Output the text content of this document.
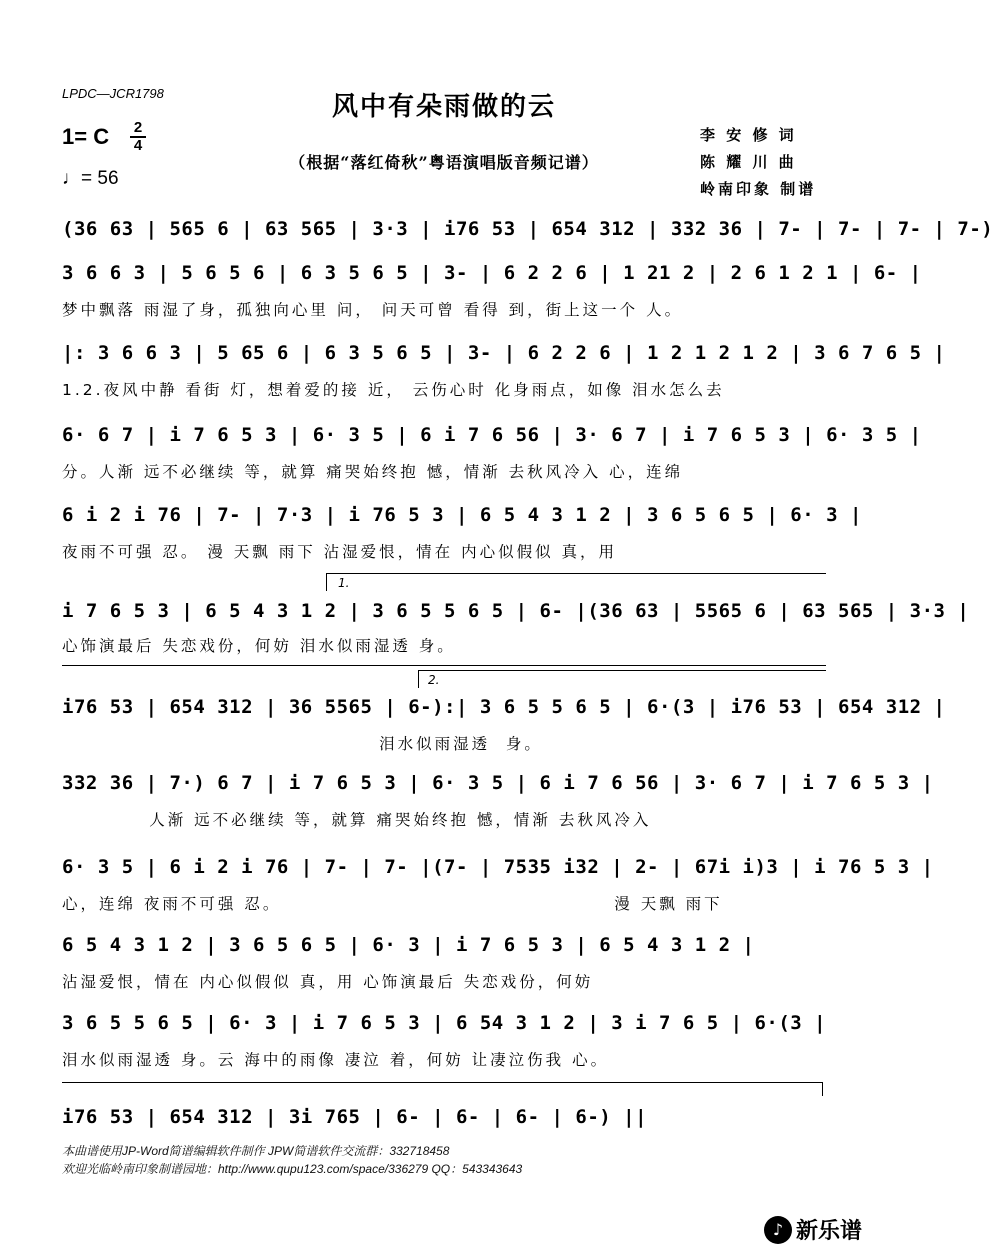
LPDC—JCR1798	风中有朵雨做的云
（根据“落红倚秋”粤语演唱版音频记谱）
1= C 2
4
♩= 56
李 安 修 词
陈 耀 川 曲
岭南印象 制谱
(36 63 | 565 6 | 63 565 | 3·3 | i76 53 | 654 312 | 332 36 | 7- | 7- | 7- | 7-)
3 6 6 3 | 5 6 5 6 | 6 3 5 6 5 | 3- | 6 2 2 6 | 1 21 2 | 2 6 1 2 1 | 6- |
梦中飘落 雨湿了身，孤独向心里 问， 问天可曾 看得 到，街上这一个 人。
|: 3 6 6 3 | 5 65 6 | 6 3 5 6 5 | 3- | 6 2 2 6 | 1 2 1 2 1 2 | 3 6 7 6 5 |
1.2.夜风中静 看街 灯，想着爱的接 近， 云伤心时 化身雨点，如像 泪水怎么去
6· 6 7 | i 7 6 5 3 | 6· 3 5 | 6 i 7 6 56 | 3· 6 7 | i 7 6 5 3 | 6· 3 5 |
分。人渐 远不必继续 等，就算 痛哭始终抱 憾，情渐 去秋风冷入 心，连绵
6 i 2 i 76 | 7- | 7·3 | i 76 5 3 | 6 5 4 3 1 2 | 3 6 5 6 5 | 6· 3 |
夜雨不可强 忍。 漫 天飘 雨下 沾湿爱恨，情在 内心似假似 真，用
1.
i 7 6 5 3 | 6 5 4 3 1 2 | 3 6 5 5 6 5 | 6- |(36 63 | 5565 6 | 63 565 | 3·3 |
心饰演最后 失恋戏份，何妨 泪水似雨湿透 身。
2.
i76 53 | 654 312 | 36 5565 | 6-):| 3 6 5 5 6 5 | 6·(3 | i76 53 | 654 312 |
泪水似雨湿透  身。
332 36 | 7·) 6 7 | i 7 6 5 3 | 6· 3 5 | 6 i 7 6 56 | 3· 6 7 | i 7 6 5 3 |
人渐 远不必继续 等，就算 痛哭始终抱 憾，情渐 去秋风冷入
6· 3 5 | 6 i 2 i 76 | 7- | 7- |(7- | 7535 i32 | 2- | 67i i)3 | i 76 5 3 |
心，连绵 夜雨不可强 忍。                                          漫 天飘 雨下
6 5 4 3 1 2 | 3 6 5 6 5 | 6· 3 | i 7 6 5 3 | 6 5 4 3 1 2 |
沾湿爱恨，情在 内心似假似 真，用 心饰演最后 失恋戏份，何妨
3 6 5 5 6 5 | 6· 3 | i 7 6 5 3 | 6 54 3 1 2 | 3 i 7 6 5 | 6·(3 |
泪水似雨湿透 身。云 海中的雨像 凄泣 着，何妨 让凄泣伤我 心。
i76 53 | 654 312 | 3i 765 | 6- | 6- | 6- | 6-) ||
本曲谱使用JP-Word简谱编辑软件制作 JPW简谱软件交流群：332718458
欢迎光临岭南印象制谱园地：http://www.qupu123.com/space/336279 QQ：543343643
♪ 新乐谱
